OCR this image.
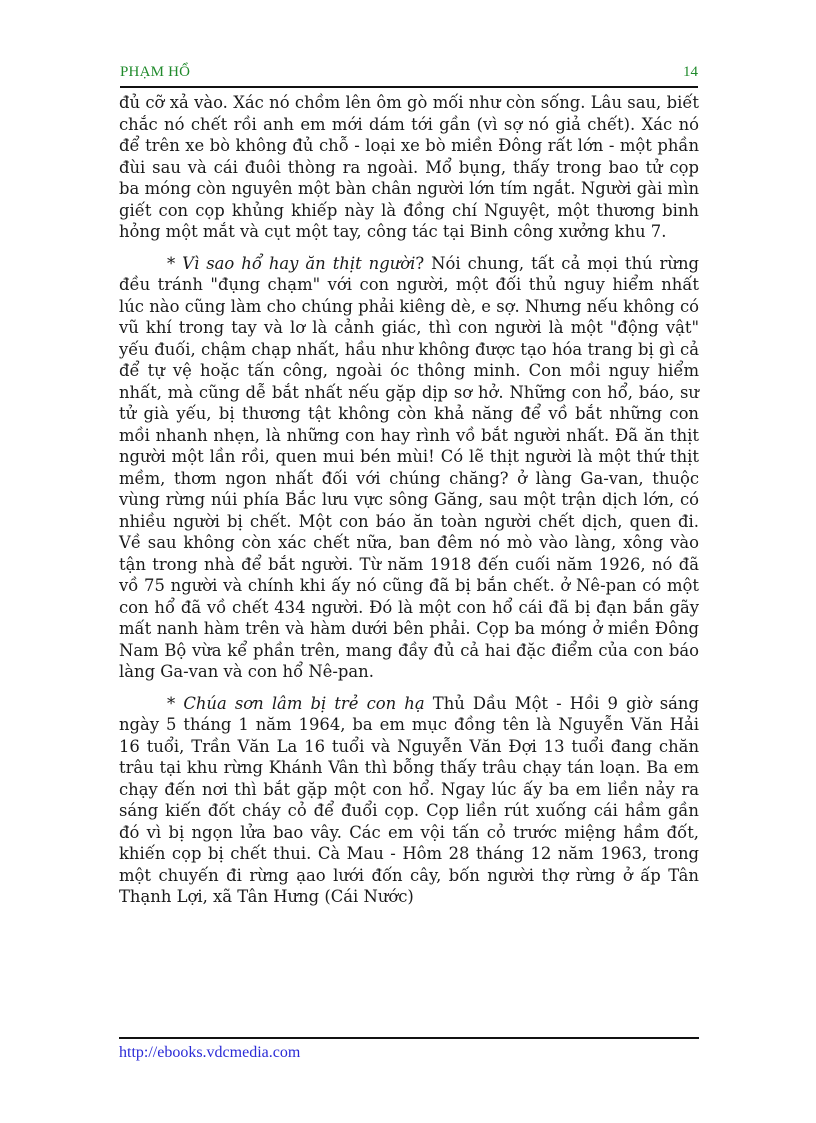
PHẠM HỔ	14

đủ cỡ xả vào. Xác nó chồm lên ôm gò mối như còn sống. Lâu sau, biết chắc nó chết rồi anh em mới dám tới gần (vì sợ nó giả chết). Xác nó để trên xe bò không đủ chỗ - loại xe bò miền Đông rất lớn - một phần đùi sau và cái đuôi thòng ra ngoài. Mổ bụng, thấy trong bao tử cọp ba móng còn nguyên một bàn chân người lớn tím ngắt. Người gài mìn giết con cọp khủng khiếp này là đồng chí Nguyệt, một thương binh hỏng một mắt và cụt một tay, công tác tại Binh công xưởng khu 7.

* Vì sao hổ hay ăn thịt người? Nói chung, tất cả mọi thú rừng đều tránh "đụng chạm" với con người, một đối thủ nguy hiểm nhất lúc nào cũng làm cho chúng phải kiêng dè, e sợ. Nhưng nếu không có vũ khí trong tay và lơ là cảnh giác, thì con người là một "động vật" yếu đuối, chậm chạp nhất, hầu như không được tạo hóa trang bị gì cả để tự vệ hoặc tấn công, ngoài óc thông minh. Con mồi nguy hiểm nhất, mà cũng dễ bắt nhất nếu gặp dịp sơ hở. Những con hổ, báo, sư tử già yếu, bị thương tật không còn khả năng để vồ bắt những con mồi nhanh nhẹn, là những con hay rình vồ bắt người nhất. Đã ăn thịt người một lần rồi, quen mui bén mùi! Có lẽ thịt người là một thứ thịt mềm, thơm ngon nhất đối với chúng chăng? ở làng Ga-van, thuộc vùng rừng núi phía Bắc lưu vực sông Găng, sau một trận dịch lớn, có nhiều người bị chết. Một con báo ăn toàn người chết dịch, quen đi. Về sau không còn xác chết nữa, ban đêm nó mò vào làng, xông vào tận trong nhà để bắt người. Từ năm 1918 đến cuối năm 1926, nó đã vồ 75 người và chính khi ấy nó cũng đã bị bắn chết. ở Nê-pan có một con hổ đã vồ chết 434 người. Đó là một con hổ cái đã bị đạn bắn gãy mất nanh hàm trên và hàm dưới bên phải. Cọp ba móng ở miền Đông Nam Bộ vừa kể phần trên, mang đầy đủ cả hai đặc điểm của con báo làng Ga-van và con hổ Nê-pan.

* Chúa sơn lâm bị trẻ con hạ Thủ Dầu Một - Hồi 9 giờ sáng ngày 5 tháng 1 năm 1964, ba em mục đồng tên là Nguyễn Văn Hải 16 tuổi, Trần Văn La 16 tuổi và Nguyễn Văn Đợi 13 tuổi đang chăn trâu tại khu rừng Khánh Vân thì bỗng thấy trâu chạy tán loạn. Ba em chạy đến nơi thì bắt gặp một con hổ. Ngay lúc ấy ba em liền nảy ra sáng kiến đốt cháy cỏ để đuổi cọp. Cọp liền rút xuống cái hầm gần đó vì bị ngọn lửa bao vây. Các em vội tấn cỏ trước miệng hầm đốt, khiến cọp bị chết thui. Cà Mau - Hôm 28 tháng 12 năm 1963, trong một chuyến đi rừng ạao lưới đốn cây, bốn người thợ rừng ở ấp Tân Thạnh Lợi, xã Tân Hưng (Cái Nước)

http://ebooks.vdcmedia.com
